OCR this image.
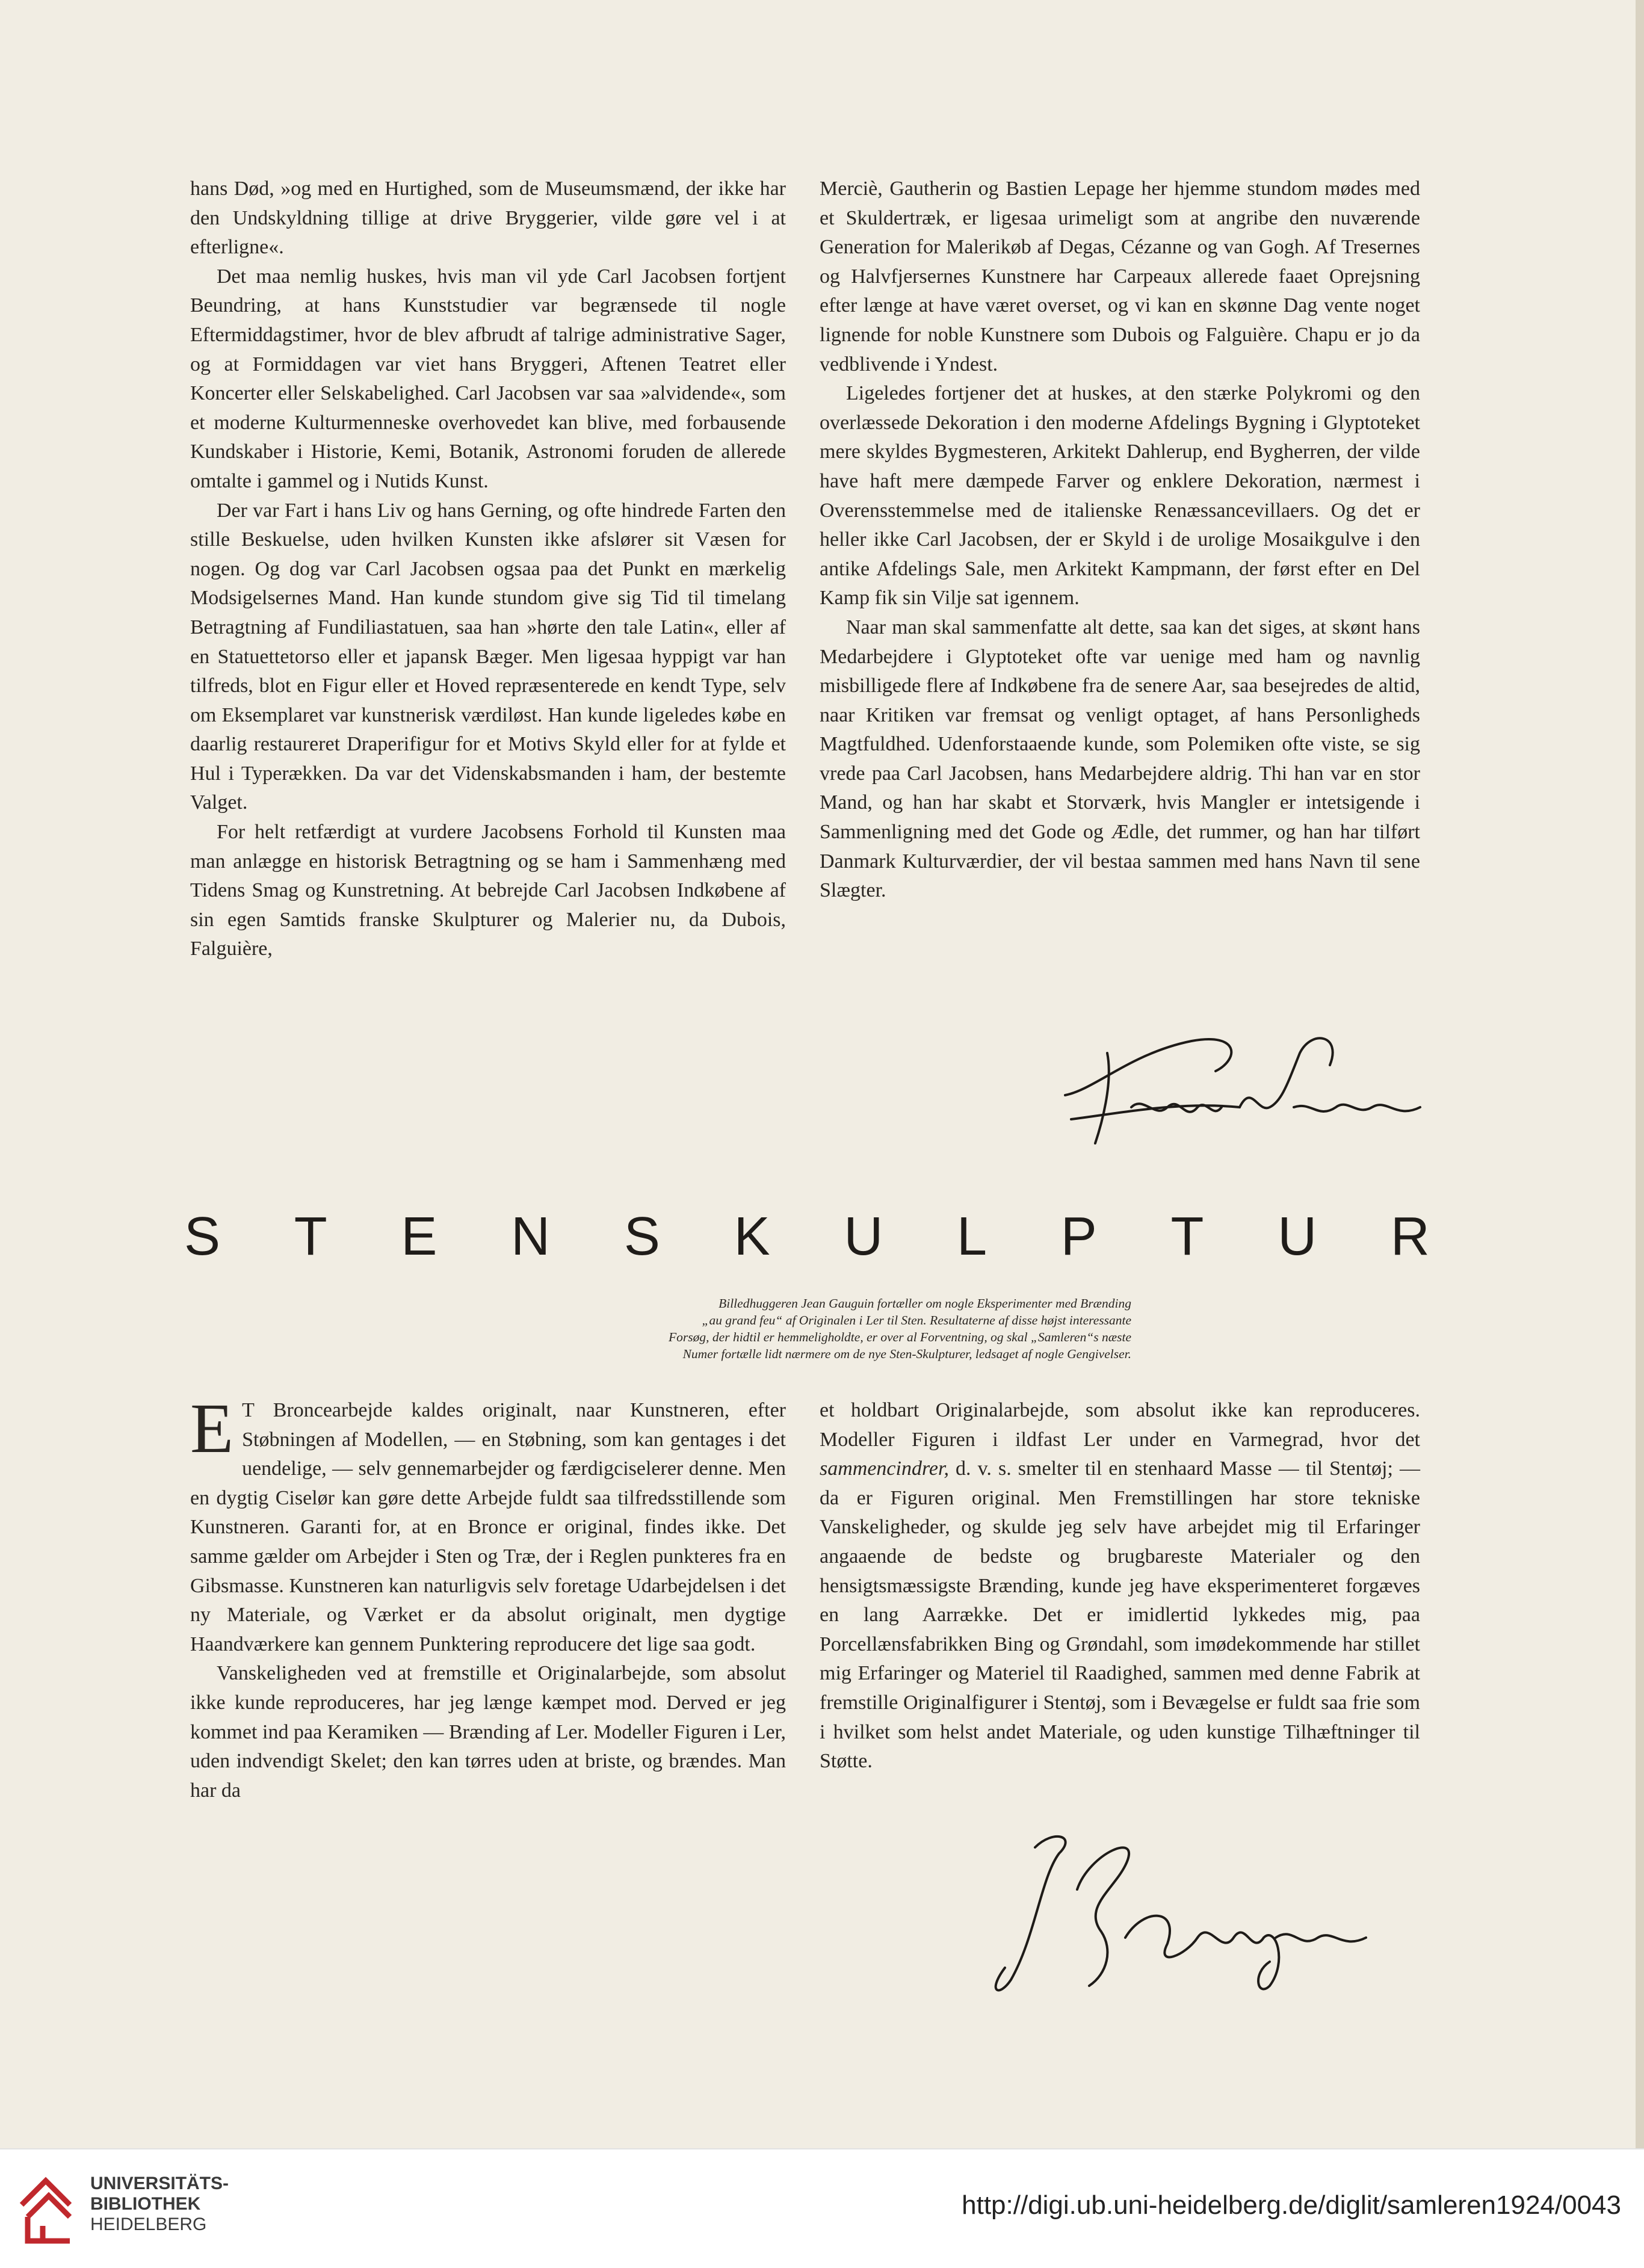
hans Død, »og med en Hurtighed, som de Museumsmænd, der ikke har den Undskyldning tillige at drive Bryggerier, vilde gøre vel i at efterligne«.

Det maa nemlig huskes, hvis man vil yde Carl Jacobsen fortjent Beundring, at hans Kunststudier var begrænsede til nogle Eftermiddagstimer, hvor de blev afbrudt af talrige administrative Sager, og at Formiddagen var viet hans Bryggeri, Aftenen Teatret eller Koncerter eller Selskabelighed. Carl Jacobsen var saa »alvidende«, som et moderne Kulturmenneske overhovedet kan blive, med forbausende Kundskaber i Historie, Kemi, Botanik, Astronomi foruden de allerede omtalte i gammel og i Nutids Kunst.

Der var Fart i hans Liv og hans Gerning, og ofte hindrede Farten den stille Beskuelse, uden hvilken Kunsten ikke afslører sit Væsen for nogen. Og dog var Carl Jacobsen ogsaa paa det Punkt en mærkelig Modsigelsernes Mand. Han kunde stundom give sig Tid til timelang Betragtning af Fundiliastatuen, saa han »hørte den tale Latin«, eller af en Statuettetorso eller et japansk Bæger. Men ligesaa hyppigt var han tilfreds, blot en Figur eller et Hoved repræsenterede en kendt Type, selv om Eksemplaret var kunstnerisk værdiløst. Han kunde ligeledes købe en daarlig restaureret Draperifigur for et Motivs Skyld eller for at fylde et Hul i Typerækken. Da var det Videnskabsmanden i ham, der bestemte Valget.

For helt retfærdigt at vurdere Jacobsens Forhold til Kunsten maa man anlægge en historisk Betragtning og se ham i Sammenhæng med Tidens Smag og Kunstretning. At bebrejde Carl Jacobsen Indkøbene af sin egen Samtids franske Skulpturer og Malerier nu, da Dubois, Falguière,

Merciè, Gautherin og Bastien Lepage her hjemme stundom mødes med et Skuldertræk, er ligesaa urimeligt som at angribe den nuværende Generation for Malerikøb af Degas, Cézanne og van Gogh. Af Tresernes og Halvfjersernes Kunstnere har Carpeaux allerede faaet Oprejsning efter længe at have været overset, og vi kan en skønne Dag vente noget lignende for noble Kunstnere som Dubois og Falguière. Chapu er jo da vedblivende i Yndest.

Ligeledes fortjener det at huskes, at den stærke Polykromi og den overlæssede Dekoration i den moderne Afdelings Bygning i Glyptoteket mere skyldes Bygmesteren, Arkitekt Dahlerup, end Bygherren, der vilde have haft mere dæmpede Farver og enklere Dekoration, nærmest i Overensstemmelse med de italienske Renæssancevillaers. Og det er heller ikke Carl Jacobsen, der er Skyld i de urolige Mosaikgulve i den antike Afdelings Sale, men Arkitekt Kampmann, der først efter en Del Kamp fik sin Vilje sat igennem.

Naar man skal sammenfatte alt dette, saa kan det siges, at skønt hans Medarbejdere i Glyptoteket ofte var uenige med ham og navnlig misbilligede flere af Indkøbene fra de senere Aar, saa besejredes de altid, naar Kritiken var fremsat og venligt optaget, af hans Personligheds Magtfuldhed. Udenforstaaende kunde, som Polemiken ofte viste, se sig vrede paa Carl Jacobsen, hans Medarbejdere aldrig. Thi han var en stor Mand, og han har skabt et Storværk, hvis Mangler er intetsigende i Sammenligning med det Gode og Ædle, det rummer, og han har tilført Danmark Kulturværdier, der vil bestaa sammen med hans Navn til sene Slægter.

Frederik Poulsen
S T E N S K U L P T U R
Billedhuggeren Jean Gauguin fortæller om nogle Eksperimenter med Brænding
„au grand feu“ af Originalen i Ler til Sten. Resultaterne af disse højst interessante
Forsøg, der hidtil er hemmeligholdte, er over al Forventning, og skal „Samleren“s næste
Numer fortælle lidt nærmere om de nye Sten-Skulpturer, ledsaget af nogle Gengivelser.

E T Broncearbejde kaldes originalt, naar Kunstneren, efter Støbningen af Modellen, — en Støbning, som kan gentages i det uendelige, — selv gennemarbejder og færdigciselerer denne. Men en dygtig Ciselør kan gøre dette Arbejde fuldt saa tilfredsstillende som Kunstneren. Garanti for, at en Bronce er original, findes ikke. Det samme gælder om Arbejder i Sten og Træ, der i Reglen punkteres fra en Gibsmasse. Kunstneren kan naturligvis selv foretage Udarbejdelsen i det ny Materiale, og Værket er da absolut originalt, men dygtige Haandværkere kan gennem Punktering reproducere det lige saa godt.

Vanskeligheden ved at fremstille et Originalarbejde, som absolut ikke kunde reproduceres, har jeg længe kæmpet mod. Derved er jeg kommet ind paa Keramiken — Brænding af Ler. Modeller Figuren i Ler, uden indvendigt Skelet; den kan tørres uden at briste, og brændes. Man har da

et holdbart Originalarbejde, som absolut ikke kan reproduceres. Modeller Figuren i ildfast Ler under en Varmegrad, hvor det sammencindrer, d. v. s. smelter til en stenhaard Masse — til Stentøj; — da er Figuren original. Men Fremstillingen har store tekniske Vanskeligheder, og skulde jeg selv have arbejdet mig til Erfaringer angaaende de bedste og brugbareste Materialer og den hensigtsmæssigste Brænding, kunde jeg have eksperimenteret forgæves en lang Aarrække. Det er imidlertid lykkedes mig, paa Porcellænsfabrikken Bing og Grøndahl, som imødekommende har stillet mig Erfaringer og Materiel til Raadighed, sammen med denne Fabrik at fremstille Originalfigurer i Stentøj, som i Bevægelse er fuldt saa frie som i hvilket som helst andet Materiale, og uden kunstige Tilhæftninger til Støtte.

J. Gauguin
UNIVERSITÄTS-
BIBLIOTHEK
HEIDELBERG
http://digi.ub.uni-heidelberg.de/diglit/samleren1924/0043
